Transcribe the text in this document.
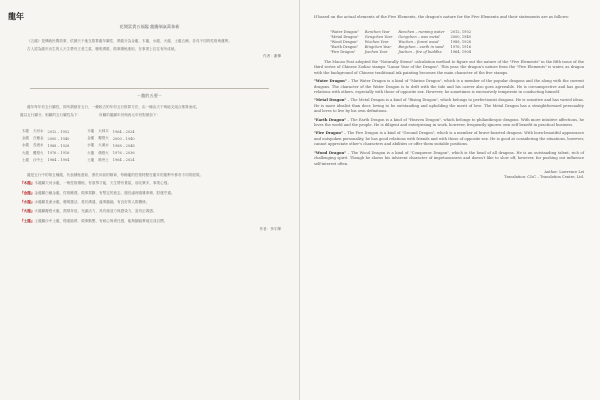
龍年
花開富貴五福臨 龍騰瑞氣萬象新

《五龍》是傳統民間故事，依據天干地支推算龍年屬性，將龍分為金龍、木龍、水龍、火龍、土龍五種，各具不同的性格與運勢。

古人認為龍年出生的人天生帶有王者之氣，聰明勇敢，做事積極進取，在事業上往往有所成就。

作者：謝樺
－龍的五要－

龍年每年有五行屬性，即所謂納音五行，一種較古的年份五行推算方法，由一種由天干與地支組合推算而成。

龍以五行屬分，相屬的五行屬性為下：　　　　　所屬的龍屬年份與西元年份對照如下：

木龍	天河水	2012 – 1952	木龍	大林木	1964 – 2024
金龍	白蠟金	2000 – 1940	金龍	覆燈火	2000 – 1940
水龍	長流水	1988 – 1928	水龍	大溪水	1988 – 2048
火龍	覆燈火	1976 – 1916	火龍	佛燈火	1976 – 2036
土龍	沙中土	1964 – 1904	土龍	路旁土	1964 – 2024

龍是五行中的第五種龍，代表積極進取、勇於向前的精神，每種龍的性格特點在龍年的運勢中都有不同的展現。

『木龍』木龍屬天河水龍，一般性格積極，有領導才能，天生帶有貴氣，朋友眾多，事業心強。

『金龍』金龍屬白蠟金龍，性格剛強，做事果斷，有堅定的意志，擅長處理複雜事務，財運亨通。

『水龍』水龍屬長流水龍，聰明靈活，善於溝通，處事圓融，有良好的人際關係。

『火龍』火龍屬覆燈火龍，熱情奔放，充滿活力，具有創造力與感染力，富有正義感。

『土龍』土龍屬沙中土龍，穩重踏實，做事勤懇，有耐心與責任感，能夠腳踏實地完成目標。

作者：李宇輝

If based on the actual elements of the Five Elements, the dragon's nature for the Five Elements and their statements are as follows:

"Water Dragon"	Renchen Year	Renchen – running water	2012, 1952
"Metal Dragon"	Gengchen Year	Gengchen – wax metal	2000, 1940
"Wood Dragon"	Wuchen Year	Wuchen – forest wood	1988, 1928
"Earth Dragon"	Bingchen Year	Bingchen – earth in sand	1976, 1916
"Fire Dragon"	Jiachen Year	Jiachen – fire of buddha	1964, 1904

The Macau Post adopted the "Naturally Stems" calculation method to figure out the nature of the "Five Elements" in the fifth issue of the third series of Chinese Zodiac stamps "Lunar Year of the Dragon". This year, the dragon's nature from the "Five Elements" is water, as dragon with the background of Chinese traditional ink painting becomes the main character of the five stamps.

"Water Dragon" – The Water Dragon is a kind of "Marine Dragon", which is a member of the popular dragons and the along with the current dragons. The character of the Water Dragon is to drift with the tide and his career also goes agreeable. He is circumspective and has good relations with others, especially with those of opposite sex. However, he sometimes is excessively temperate in conducting himself.

"Metal Dragon" – The Metal Dragon is a kind of "Rising Dragon", which belongs to perfectionist dragons. He is sensitive and has varied ideas. He is more idealist than doer, loving to be outstanding and upholding the merit of love. The Metal Dragon has a straightforward personality and loves to live by his own definitions.

"Earth Dragon" – The Earth Dragon is a kind of "Heaven Dragon", which belongs to philanthropic dragons. With more intuitive affections, he loves the world and the people. He is diligent and enterprising in work, however, frequently ignores own self benefit in practical business.

"Fire Dragon" – The Fire Dragon is a kind of "Ground Dragon", which is a member of brave-hearted dragons. With born-beautiful appearance and outspoken personality, he has good relations with friends and with those of opposite sex. He is good at considering the situations, however, cannot appreciate other's characters and abilities or offer them suitable positions.

"Wood Dragon" – The Wood Dragon is a kind of "Conqueror Dragon", which is the head of all dragons. He is an outstanding talent, rich of challenging spirit. Though he shows his inherent character of impetuousness and doesn't like to slow off, however, for pushing out influence self-interest often.

Author: Lawrence Lei
Translation: C&C – Translation Centre, Ltd.
